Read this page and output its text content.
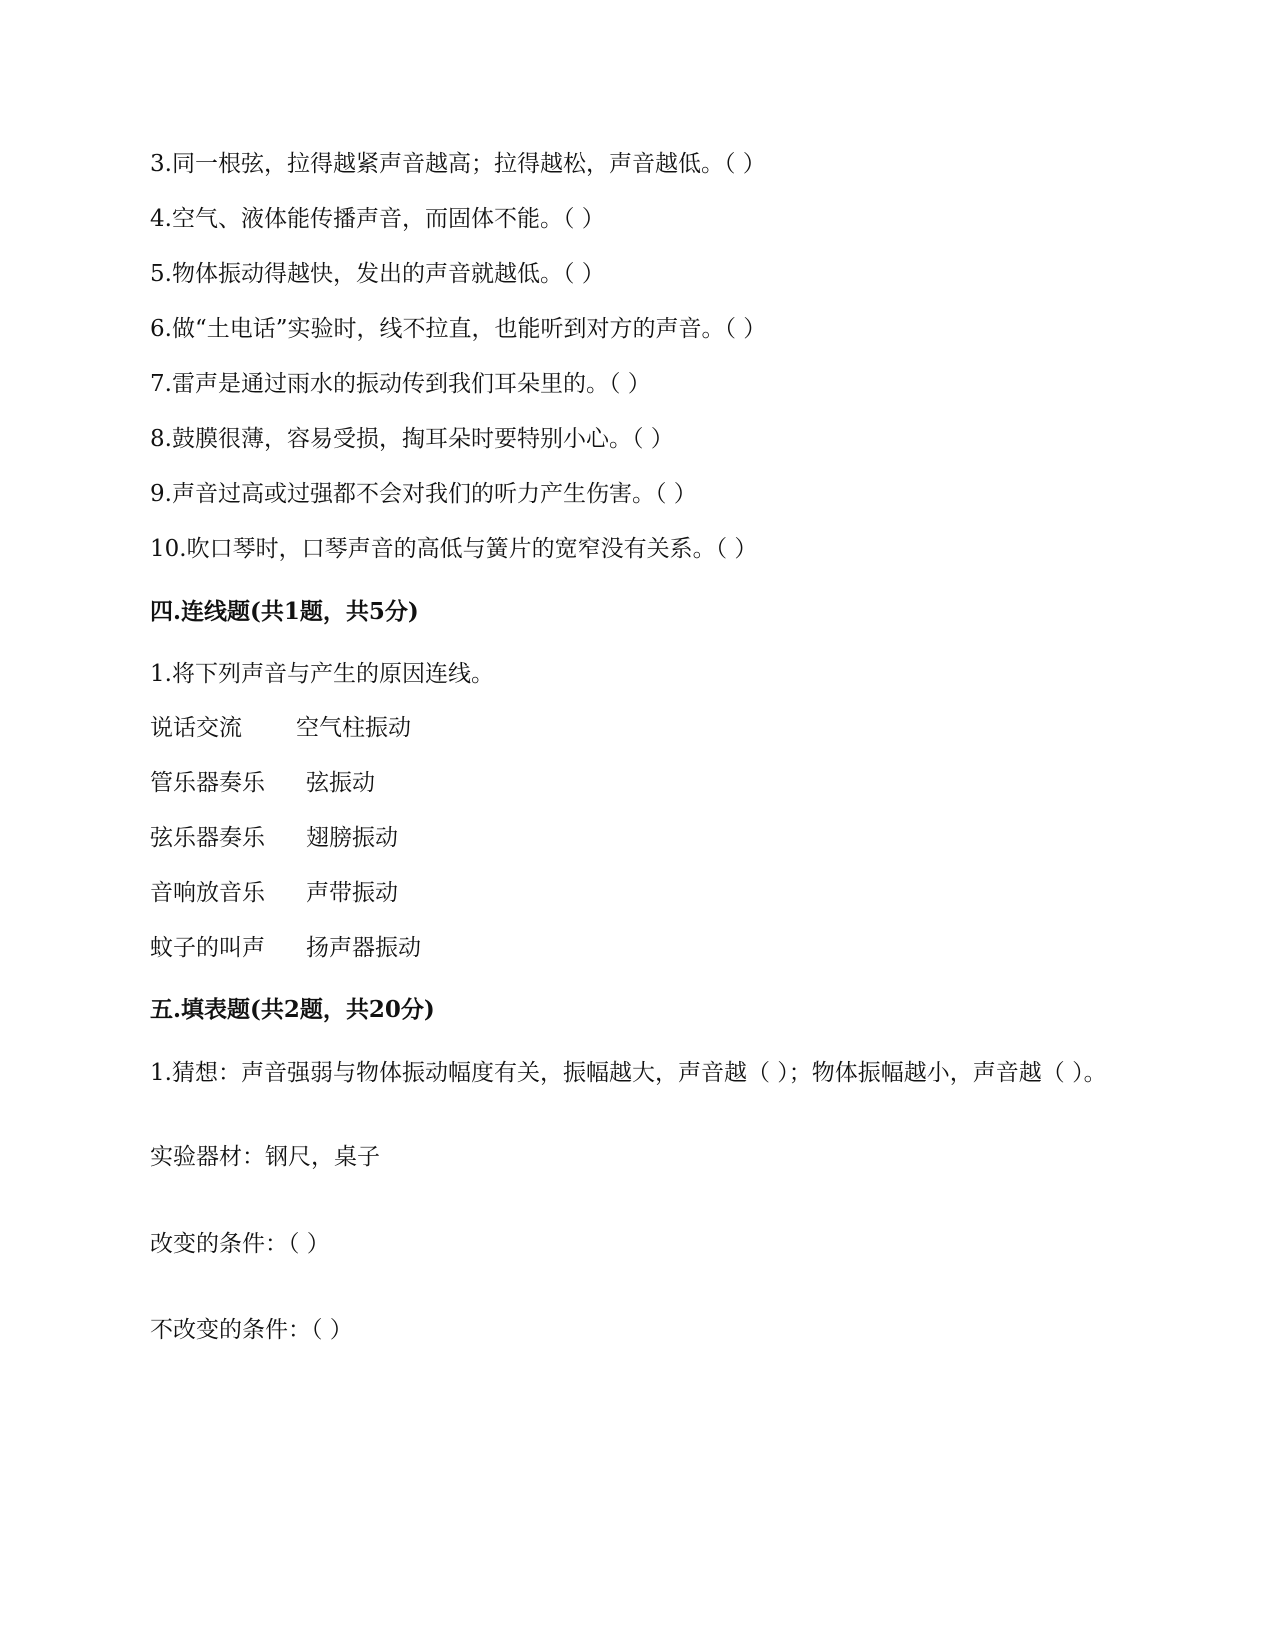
3.同一根弦，拉得越紧声音越高；拉得越松，声音越低。（ ）
4.空气、液体能传播声音，而固体不能。（ ）
5.物体振动得越快，发出的声音就越低。（ ）
6.做“土电话”实验时，线不拉直，也能听到对方的声音。（ ）
7.雷声是通过雨水的振动传到我们耳朵里的。（ ）
8.鼓膜很薄，容易受损，掏耳朵时要特别小心。（ ）
9.声音过高或过强都不会对我们的听力产生伤害。（ ）
10.吹口琴时，口琴声音的高低与簧片的宽窄没有关系。（ ）
四.连线题(共1题，共5分)
1.将下列声音与产生的原因连线。
说话交流 空气柱振动
管乐器奏乐 弦振动
弦乐器奏乐 翅膀振动
音响放音乐 声带振动
蚊子的叫声 扬声器振动
五.填表题(共2题，共20分)
1.猜想：声音强弱与物体振动幅度有关，振幅越大，声音越（ ）；物体振幅越小，声音越（ ）。
实验器材：钢尺，桌子
改变的条件：（ ）
不改变的条件：（ ）
